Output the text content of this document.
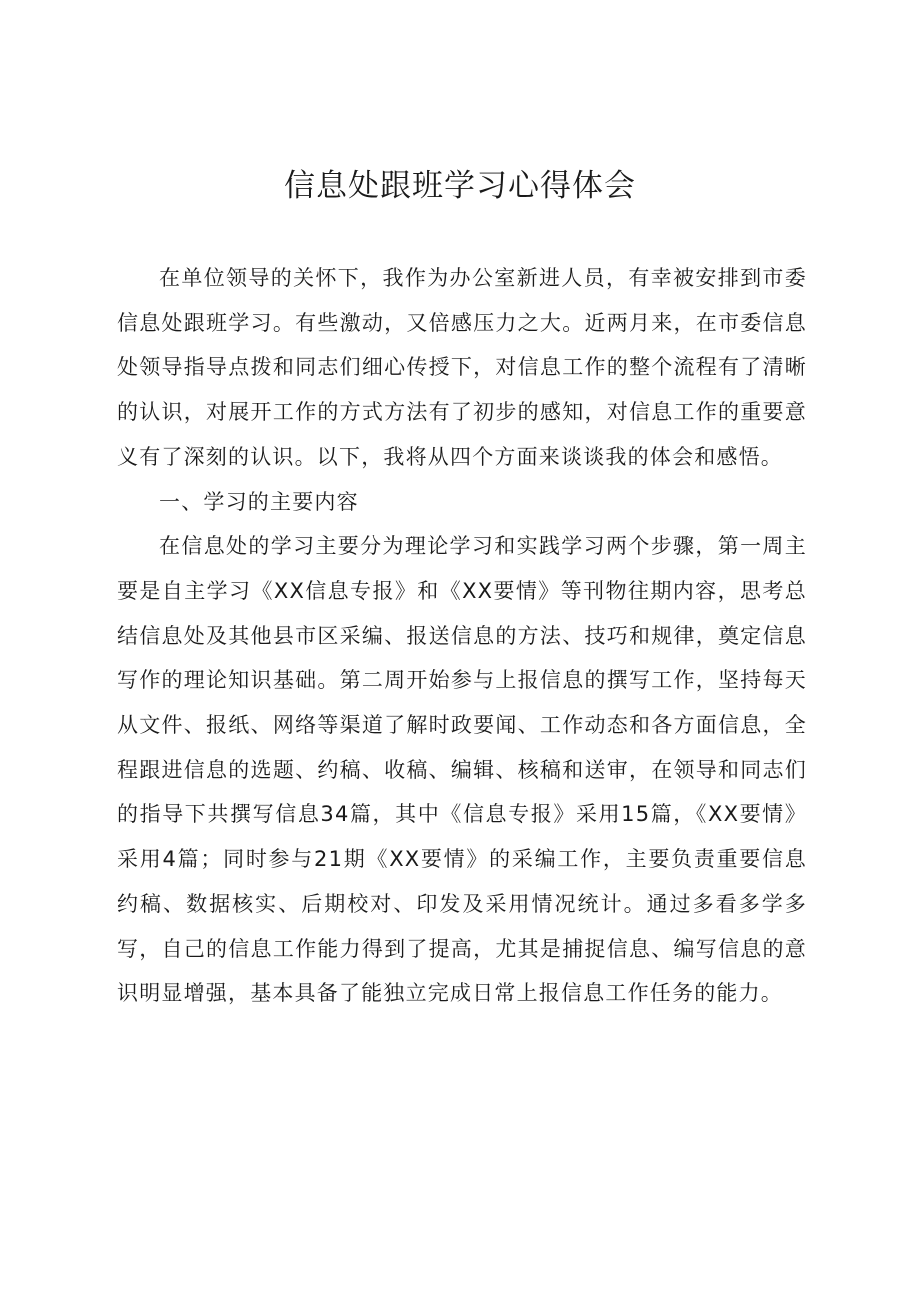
信息处跟班学习心得体会

在单位领导的关怀下，我作为办公室新进人员，有幸被安排到市委信息处跟班学习。有些激动，又倍感压力之大。近两月来，在市委信息处领导指导点拨和同志们细心传授下，对信息工作的整个流程有了清晰的认识，对展开工作的方式方法有了初步的感知，对信息工作的重要意义有了深刻的认识。以下，我将从四个方面来谈谈我的体会和感悟。

一、学习的主要内容

在信息处的学习主要分为理论学习和实践学习两个步骤，第一周主要是自主学习《XX信息专报》和《XX要情》等刊物往期内容，思考总结信息处及其他县市区采编、报送信息的方法、技巧和规律，奠定信息写作的理论知识基础。第二周开始参与上报信息的撰写工作，坚持每天从文件、报纸、网络等渠道了解时政要闻、工作动态和各方面信息，全程跟进信息的选题、约稿、收稿、编辑、核稿和送审，在领导和同志们的指导下共撰写信息34篇，其中《信息专报》采用15篇，《XX要情》采用4篇；同时参与21期《XX要情》的采编工作，主要负责重要信息约稿、数据核实、后期校对、印发及采用情况统计。通过多看多学多写，自己的信息工作能力得到了提高，尤其是捕捉信息、编写信息的意识明显增强，基本具备了能独立完成日常上报信息工作任务的能力。
